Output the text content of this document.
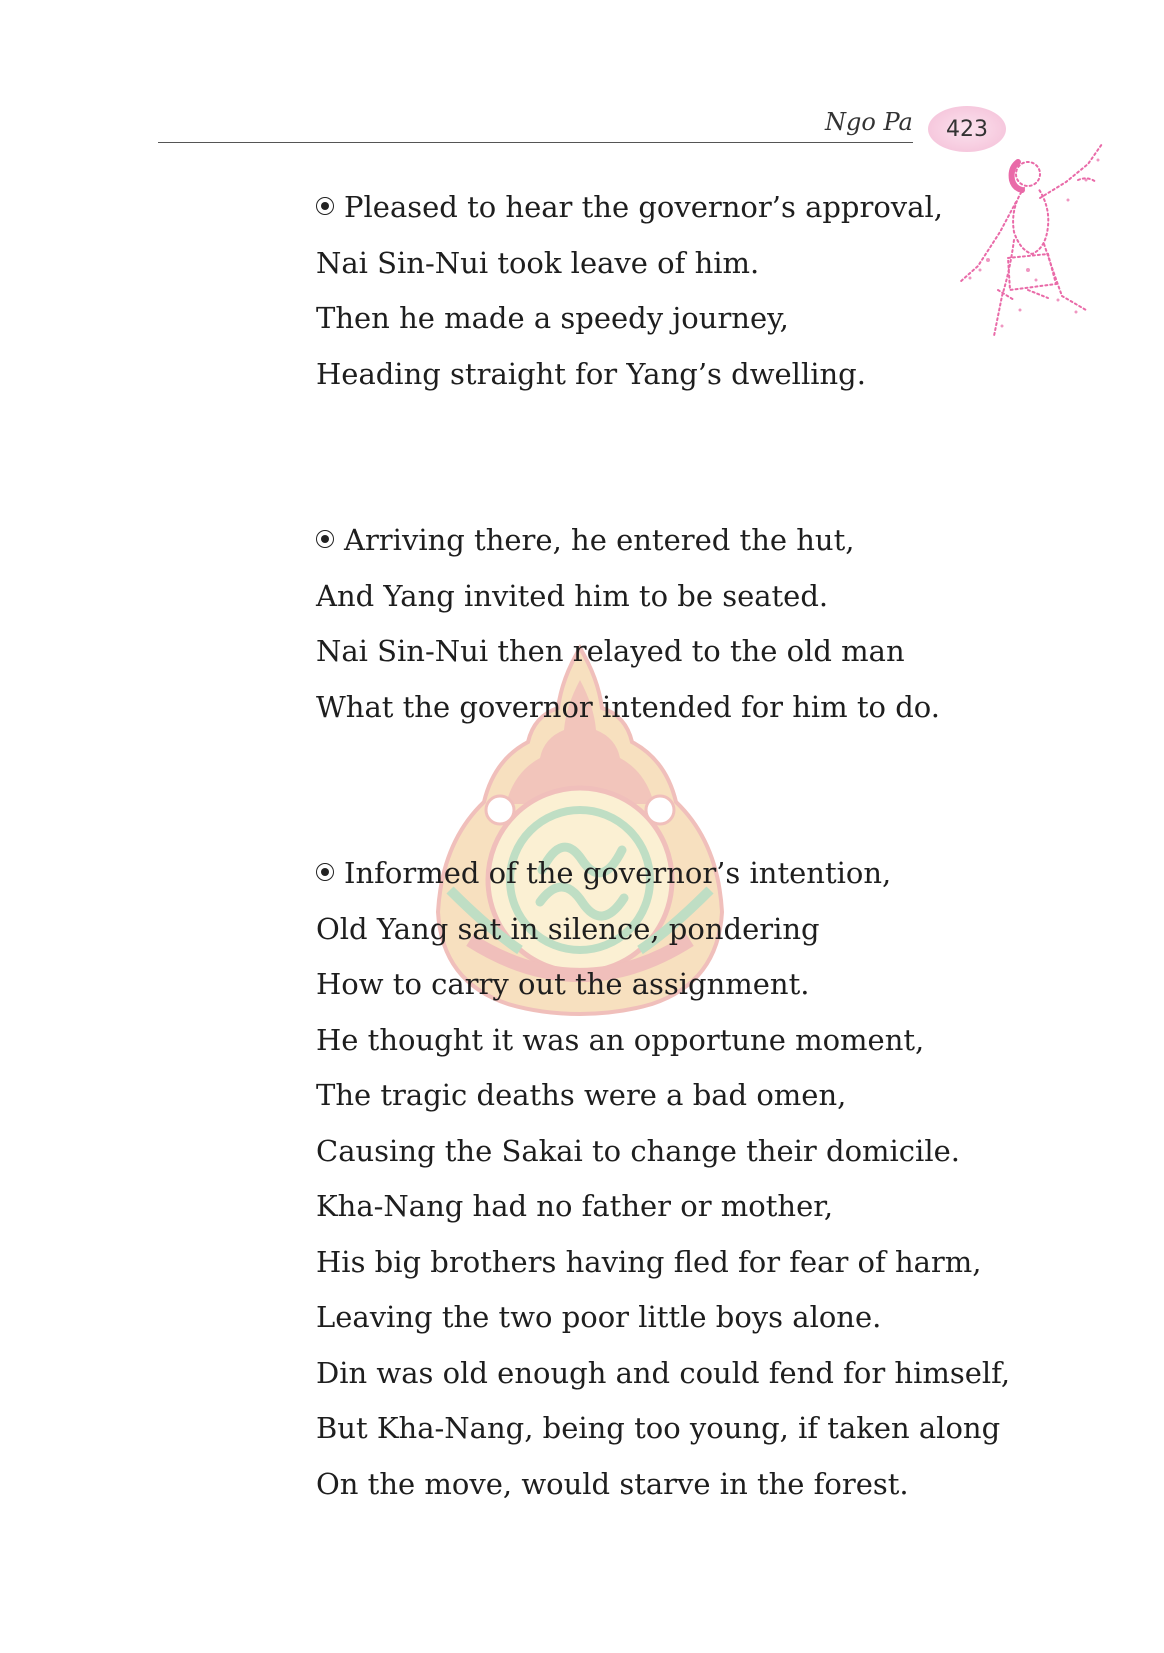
Ngo Pa	423
Pleased to hear the governor’s approval,
Nai Sin-Nui took leave of him.
Then he made a speedy journey,
Heading straight for Yang’s dwelling.
Arriving there, he entered the hut,
And Yang invited him to be seated.
Nai Sin-Nui then relayed to the old man
What the governor intended for him to do.
Informed of the governor’s intention,
Old Yang sat in silence, pondering
How to carry out the assignment.
He thought it was an opportune moment,
The tragic deaths were a bad omen,
Causing the Sakai to change their domicile.
Kha-Nang had no father or mother,
His big brothers having fled for fear of harm,
Leaving the two poor little boys alone.
Din was old enough and could fend for himself,
But Kha-Nang, being too young, if taken along
On the move, would starve in the forest.
